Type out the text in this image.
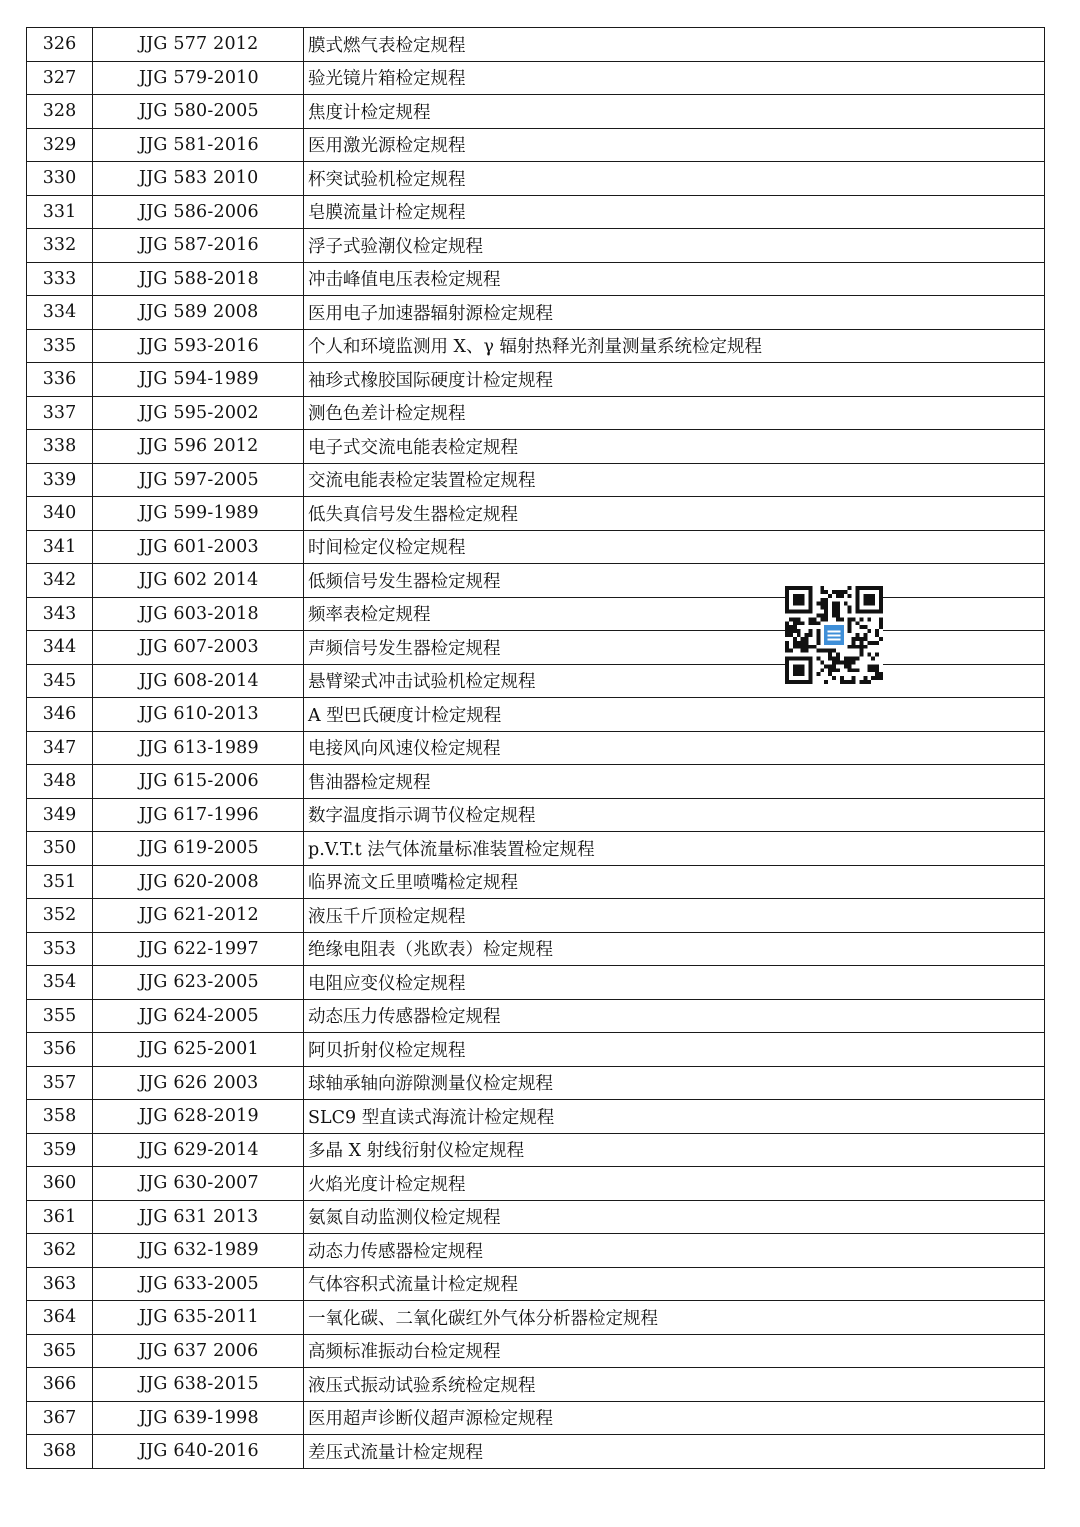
326	JJG 577 2012	膜式燃气表检定规程
327	JJG 579-2010	验光镜片箱检定规程
328	JJG 580-2005	焦度计检定规程
329	JJG 581-2016	医用激光源检定规程
330	JJG 583 2010	杯突试验机检定规程
331	JJG 586-2006	皂膜流量计检定规程
332	JJG 587-2016	浮子式验潮仪检定规程
333	JJG 588-2018	冲击峰值电压表检定规程
334	JJG 589 2008	医用电子加速器辐射源检定规程
335	JJG 593-2016	个人和环境监测用 X、γ 辐射热释光剂量测量系统检定规程
336	JJG 594-1989	袖珍式橡胶国际硬度计检定规程
337	JJG 595-2002	测色色差计检定规程
338	JJG 596 2012	电子式交流电能表检定规程
339	JJG 597-2005	交流电能表检定装置检定规程
340	JJG 599-1989	低失真信号发生器检定规程
341	JJG 601-2003	时间检定仪检定规程
342	JJG 602 2014	低频信号发生器检定规程
343	JJG 603-2018	频率表检定规程
344	JJG 607-2003	声频信号发生器检定规程
345	JJG 608-2014	悬臂梁式冲击试验机检定规程
346	JJG 610-2013	A 型巴氏硬度计检定规程
347	JJG 613-1989	电接风向风速仪检定规程
348	JJG 615-2006	售油器检定规程
349	JJG 617-1996	数字温度指示调节仪检定规程
350	JJG 619-2005	p.V.T.t 法气体流量标准装置检定规程
351	JJG 620-2008	临界流文丘里喷嘴检定规程
352	JJG 621-2012	液压千斤顶检定规程
353	JJG 622-1997	绝缘电阻表（兆欧表）检定规程
354	JJG 623-2005	电阻应变仪检定规程
355	JJG 624-2005	动态压力传感器检定规程
356	JJG 625-2001	阿贝折射仪检定规程
357	JJG 626 2003	球轴承轴向游隙测量仪检定规程
358	JJG 628-2019	SLC9 型直读式海流计检定规程
359	JJG 629-2014	多晶 X 射线衍射仪检定规程
360	JJG 630-2007	火焰光度计检定规程
361	JJG 631 2013	氨氮自动监测仪检定规程
362	JJG 632-1989	动态力传感器检定规程
363	JJG 633-2005	气体容积式流量计检定规程
364	JJG 635-2011	一氧化碳、二氧化碳红外气体分析器检定规程
365	JJG 637 2006	高频标准振动台检定规程
366	JJG 638-2015	液压式振动试验系统检定规程
367	JJG 639-1998	医用超声诊断仪超声源检定规程
368	JJG 640-2016	差压式流量计检定规程
